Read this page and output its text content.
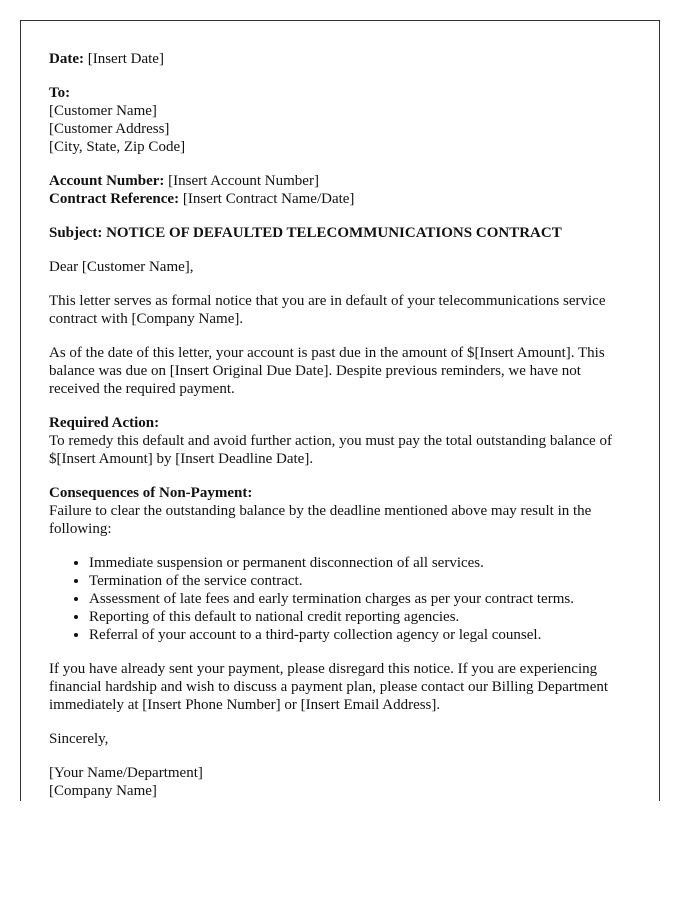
Date: [Insert Date]

To:
[Customer Name]
[Customer Address]
[City, State, Zip Code]

Account Number: [Insert Account Number]
Contract Reference: [Insert Contract Name/Date]

Subject: NOTICE OF DEFAULTED TELECOMMUNICATIONS CONTRACT

Dear [Customer Name],

This letter serves as formal notice that you are in default of your telecommunications service contract with [Company Name].

As of the date of this letter, your account is past due in the amount of $[Insert Amount]. This balance was due on [Insert Original Due Date]. Despite previous reminders, we have not received the required payment.

Required Action:
To remedy this default and avoid further action, you must pay the total outstanding balance of $[Insert Amount] by [Insert Deadline Date].

Consequences of Non-Payment:
Failure to clear the outstanding balance by the deadline mentioned above may result in the following:

• Immediate suspension or permanent disconnection of all services.
• Termination of the service contract.
• Assessment of late fees and early termination charges as per your contract terms.
• Reporting of this default to national credit reporting agencies.
• Referral of your account to a third-party collection agency or legal counsel.

If you have already sent your payment, please disregard this notice. If you are experiencing financial hardship and wish to discuss a payment plan, please contact our Billing Department immediately at [Insert Phone Number] or [Insert Email Address].

Sincerely,

[Your Name/Department]
[Company Name]
